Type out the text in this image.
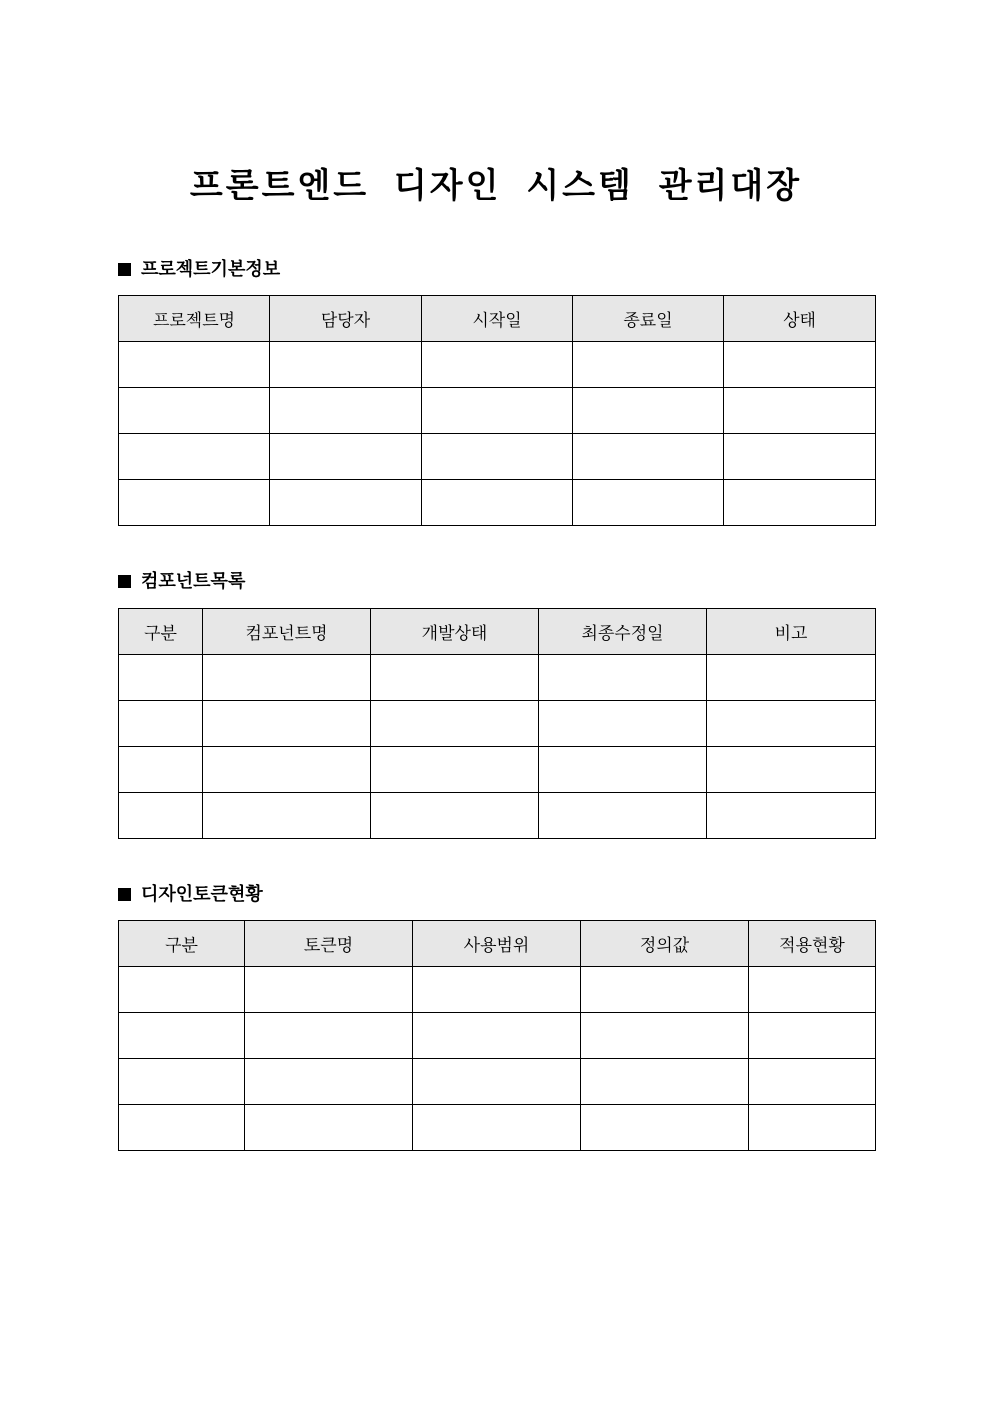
프론트엔드 디자인 시스템 관리대장
프로젝트기본정보
프로젝트명	담당자	시작일	종료일	상태

컴포넌트목록
구분	컴포넌트명	개발상태	최종수정일	비고

디자인토큰현황
구분	토큰명	사용범위	정의값	적용현황
